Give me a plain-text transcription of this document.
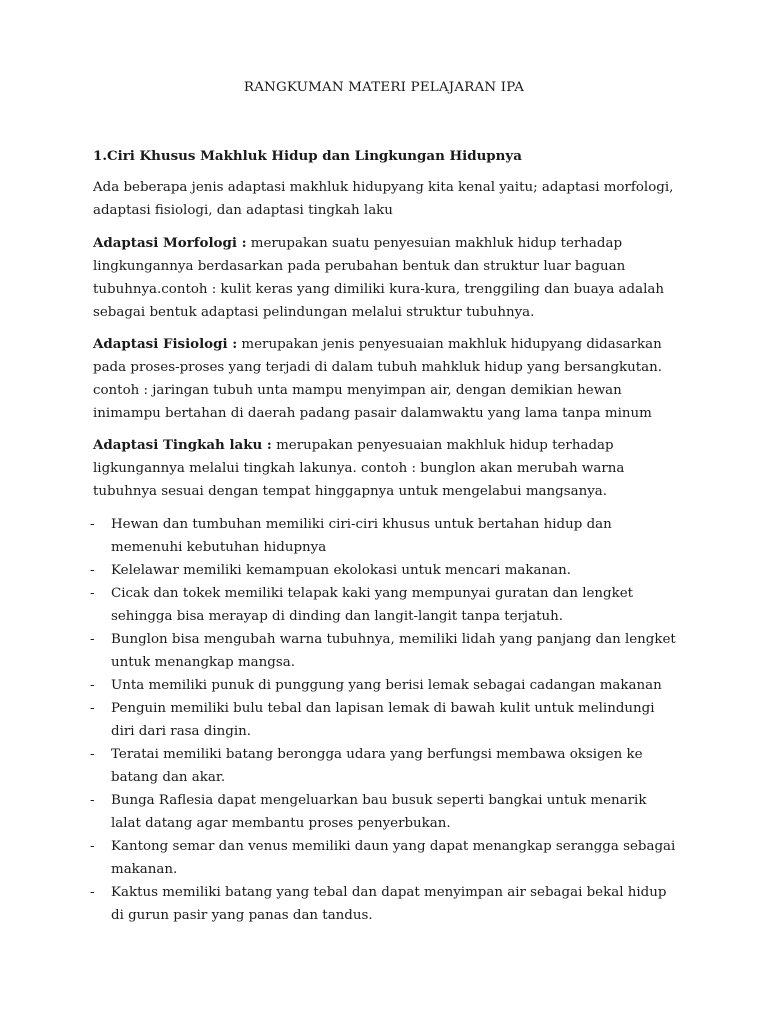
RANGKUMAN MATERI PELAJARAN IPA
1.Ciri Khusus Makhluk Hidup dan Lingkungan Hidupnya

Ada beberapa jenis adaptasi makhluk hidupyang kita kenal yaitu; adaptasi morfologi, adaptasi fisiologi, dan adaptasi tingkah laku

Adaptasi Morfologi : merupakan suatu penyesuian makhluk hidup terhadap lingkungannya berdasarkan pada perubahan bentuk dan struktur luar baguan tubuhnya.contoh : kulit keras yang dimiliki kura-kura, trenggiling dan buaya adalah sebagai bentuk adaptasi pelindungan melalui struktur tubuhnya.

Adaptasi Fisiologi : merupakan jenis penyesuaian makhluk hidupyang didasarkan pada proses-proses yang terjadi di dalam tubuh mahkluk hidup yang bersangkutan. contoh : jaringan tubuh unta mampu menyimpan air, dengan demikian hewan inimampu bertahan di daerah padang pasair dalamwaktu yang lama tanpa minum

Adaptasi Tingkah laku : merupakan penyesuaian makhluk hidup terhadap ligkungannya melalui tingkah lakunya. contoh : bunglon akan merubah warna tubuhnya sesuai dengan tempat hinggapnya untuk mengelabui mangsanya.

- Hewan dan tumbuhan memiliki ciri-ciri khusus untuk bertahan hidup dan memenuhi kebutuhan hidupnya
- Kelelawar memiliki kemampuan ekolokasi untuk mencari makanan.
- Cicak dan tokek memiliki telapak kaki yang mempunyai guratan dan lengket sehingga bisa merayap di dinding dan langit-langit tanpa terjatuh.
- Bunglon bisa mengubah warna tubuhnya, memiliki lidah yang panjang dan lengket untuk menangkap mangsa.
- Unta memiliki punuk di punggung yang berisi lemak sebagai cadangan makanan
- Penguin memiliki bulu tebal dan lapisan lemak di bawah kulit untuk melindungi diri dari rasa dingin.
- Teratai memiliki batang berongga udara yang berfungsi membawa oksigen ke batang dan akar.
- Bunga Raflesia dapat mengeluarkan bau busuk seperti bangkai untuk menarik lalat datang agar membantu proses penyerbukan.
- Kantong semar dan venus memiliki daun yang dapat menangkap serangga sebagai makanan.
- Kaktus memiliki batang yang tebal dan dapat menyimpan air sebagai bekal hidup di gurun pasir yang panas dan tandus.
